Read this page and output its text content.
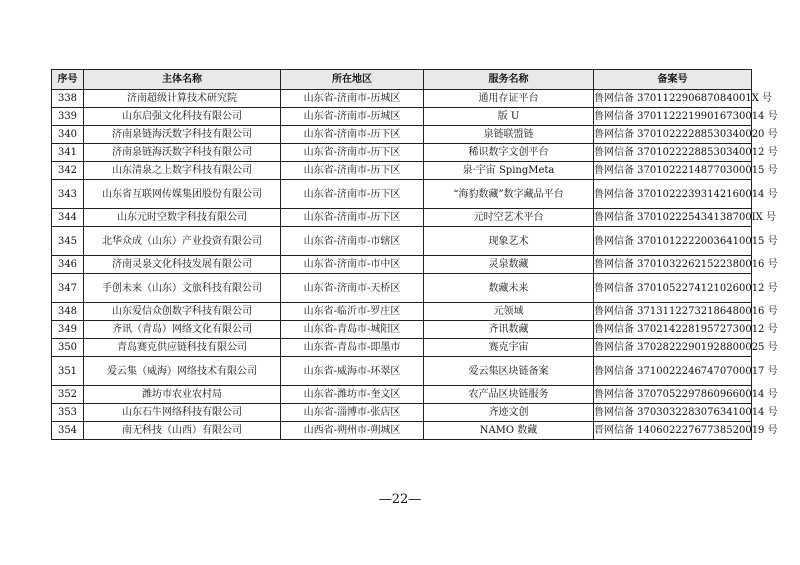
序号	主体名称	所在地区	服务名称	备案号
338	济南超级计算技术研究院	山东省-济南市-历城区	通用存证平台	鲁网信备 370112290687084001X 号
339	山东启强文化科技有限公司	山东省-济南市-历城区	版 U	鲁网信备 37011222199016730014 号
340	济南泉链海沃数字科技有限公司	山东省-济南市-历下区	泉链联盟链	鲁网信备 37010222288530340020 号
341	济南泉链海沃数字科技有限公司	山东省-济南市-历下区	稀识数字文创平台	鲁网信备 37010222288530340012 号
342	山东清泉之上数字科技有限公司	山东省-济南市-历下区	泉·宇宙 SpingMeta	鲁网信备 37010222148770300015 号
343	山东省互联网传媒集团股份有限公司	山东省-济南市-历下区	“海豹数藏”数字藏品平台	鲁网信备 37010222393142160014 号
344	山东元时空数字科技有限公司	山东省-济南市-历下区	元时空艺术平台	鲁网信备 370102225434138700IX 号
345	北华众成（山东）产业投资有限公司	山东省-济南市-市辖区	现象艺术	鲁网信备 37010122220036410015 号
346	济南灵泉文化科技发展有限公司	山东省-济南市-市中区	灵泉数藏	鲁网信备 37010322621522380016 号
347	手创未来（山东）文旅科技有限公司	山东省-济南市-天桥区	数藏未来	鲁网信备 37010522741210260012 号
348	山东爱信众创数字科技有限公司	山东省-临沂市-罗庄区	元领域	鲁网信备 37131122732186480016 号
349	齐讯（青岛）网络文化有限公司	山东省-青岛市-城阳区	齐讯数藏	鲁网信备 37021422819572730012 号
350	青岛赛克供应链科技有限公司	山东省-青岛市-即墨市	赛克宇宙	鲁网信备 37028222901928800025 号
351	爱云集（威海）网络技术有限公司	山东省-威海市-环翠区	爱云集区块链备案	鲁网信备 37100222467470700017 号
352	潍坊市农业农村局	山东省-潍坊市-奎文区	农产品区块链服务	鲁网信备 37070522978609660014 号
353	山东石牛网络科技有限公司	山东省-淄博市-张店区	齐迹文创	鲁网信备 37030322830763410014 号
354	南无科技（山西）有限公司	山西省-朔州市-朔城区	NAMO 数藏	晋网信备 14060222767738520019 号
—22—
